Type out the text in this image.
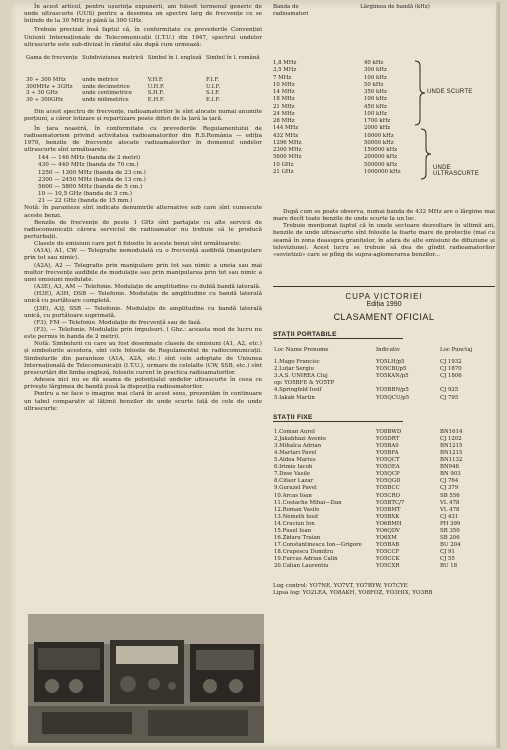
În acest articol, pentru ușurința expunerii, am folosit termenul generic de unde ultrascurte (UUS) pentru a desemna un spectru larg de frecvențe ce se întinde de la 30 MHz și până la 300 GHz.

Trebuie precizat însă faptul că, în conformitate cu prevederile Convenției Uniunii Internaționale de Telecomunicații (I.T.U.) din 1947, spectrul undelor ultrascurte este sub-divizat în rândul său după cum urmează:

Gama de frecvențe	Subdiviziunea metrică	Simbol în l. engleză	Simbol în l. română
30 ÷ 300 MHz	unde metrice	V.H.F.	F.I.F.
300MHz ÷ 3GHz	unde decimetrice	U.H.F.	U.I.F.
3 ÷ 30 GHz	unde centimetrice	S.H.F.	S.I.F.
30 ÷ 300GHz	unde milimetrice	E.H.F.	E.I.F.

Din acest spectru de frecvențe, radioamatorilor le sînt alocate numai anumite porțiuni, a căror lotizare și repartizare poate diferi de la țară la țară.

În țara noastră, în conformitate cu prevederile Regulamentului de radioamatorism privind activitatea radioamatorilor din R.S.România — ediția 1970, benzile de frecvențe alocate radioamatorilor în domeniul undelor ultrascurte sînt următoarele:

144 — 146 MHz (banda de 2 metri)
430 — 440 MHz (banda de 70 cm.)
1250 — 1300 MHz (banda de 23 cm.)
2300 — 2450 MHz (banda de 13 cm.)
5600 — 5800 MHz (banda de 5 cm.)
10 — 10,5 GHz (banda de 3 cm.)
21 — 22 GHz (banda de 15 mm.)

Notă: în paranteze sînt indicate denumirile alternative sub care sînt cunoscute aceste benzi.

Benzile de frecvențe de peste 1 GHz sînt partajate cu alte servicii de radiocomunicații cărora serviciul de radioamator nu trebuie să le producă perturbații.

Clasele de emisiuni care pot fi folosite în aceste benzi sînt următoarele:

(A1A), A1, CW — Telegrafie nemodulată cu o frecvență audibilă (manipulare prin tot sau nimic).

(A2A), A2 — Telegrafie prin manipulare prin tot sau nimic a uneia sau mai multor frecvențe audibile de modulație sau prin manipularea prin tot sau nimic a unei emisiuni modulate.

(A3E), A3, AM — Telefonie. Modulație de amplitudine cu dublă bandă laterală.

(H3E), A3H, DSB — Telefonie. Modulație de amplitudine cu bandă laterală unică cu purtătoare completă.

(J3E), A3J, SSB — Telefonie. Modulație de amplitudine cu bandă laterală unică, cu purtătoare suprimată.

(F3), FM — Telefonie. Modulație de frecvență sau de fază.

(F3), — Telefonie. Modulație prin impulsuri. ( Ghz.: aceasta mod de lucru nu este permis în banda de 2 metri).

Notă: Simbolurii cu care au fost desemnate clasele de emisiuni (A1, A2, etc.) și simbolurile acestora, sînt cele folosite de Regulamentul de radiocomunicații. Simbolurile din paranteze (A1A, A2A, etc.) sînt cele adoptate de Uniunea Internațională de Telecomunicații (I.T.U.), urmare de celelalte (CW, SSB, etc.) sînt prescurtări din limba engleză, folosite curent în practica radioamatorilor.

Adesea nici nu se dă seama de potențialul undelor ultrascurte în ceea ce privește lărgimea de bandă pusă la dispoziția radioamatorilor.

Pentru a ne face o imagine mai clară în acest sens, prezentăm în continuare un tabel comparativ al lățimii benzilor de unde scurte față de cele de unde ultrascurte:

Banda de radioamatori
Lărgimea de bandă (kHz)
1,8 MHz	40 kHz
3,5 MHz	300 kHz
7 MHz	100 kHz
10 MHz	50 kHz
14 MHz	350 kHz
18 MHz	100 kHz
21 MHz	450 kHz
24 MHz	100 kHz
28 MHz	1700 kHz
144 MHz	2000 kHz
432 MHz	10000 kHz
1296 MHz	50000 kHz
2300 MHz	150000 kHz
5600 MHz	200000 kHz
10 GHz	500000 kHz
21 GHz	1000000 kHz
UNDE SCURTE
UNDE ULTRASCURTE

După cum se poate observa, numai banda de 432 MHz are o lărgime mai mare decît toate benzile de unde scurte la un loc.

Trebuie menționat faptul că în unele sectoare dezvoltare în ultimii ani, benzile de unde ultrascurte sînt folosite la foarte mare de protecție (mai cu seamă în zona deasupra granițelor, în afara de alte emisiuni de difuziune și televiziune). Acest lucru se trebuie să dea de gîndit radioamatorilor «sovietizii» care se plîng de supra-aglomerarea benzilor...

CUPA VICTORIEI
Ediția 1990
CLASAMENT OFICIAL
STAȚII PORTABILE
Loc Nume Prenume	Indicativ	Loc Punctaj

1.Mago Francisc	YO5LH/p5	CJ 1932
2.Luțar Sergiu	YO5CBI/p5	CJ 1870
3.A.S. UNIREA Cluj	YO5KAN/p5	CJ 1806
op: YO5BFE & YO5TP		
4.Springfeld Iosif	YO5BBN/p5	CJ 925
5.Iakab Martin	YO5QCU/p5	CJ 795
STAȚII FIXE
1.Coman Aurel	YO8BWD	BN1614
2.Jakabhazi Avente	YO5DRT	CJ 1202
3.Mihalca Adrian	YO5BA0	BN1215
4.Martari Pavel	YO5BFA	BN1215
5.Aldea Marius	YO5QCT	BN1132
6.Irimie Iacob	YO5OEA	BN948
7.Dzse Vasile	YO5QCP	BN 903
8.Cifaor Lazar	YO5QGD	CJ 764
9.Gurazel Pavel	YO5BCC	CJ 379
10.Arcas Ioan	YO5CRO	SB 556
11.Costache Mihai—Dan	YO5BTC/7	VL 478
12.Roman Vasile	YO5BMT	VL 478
13.Nemeth Iosif	YO5BXK	CJ 431
14.Craciun Ion	YO6BMH	PH 399
15.Pusel Ioan	YO6QDV	SB 350
16.Zidaru Traian	YO6XM	SB 206
17.Constantinescu Ion—Grigore	YO5BAB	BU 204
18.Crupescu Dumitru	YO5CCF	CJ 91
19.Furcus Adrian Calin	YO5CCK	CJ 55
20.Calian Laurentiu	YO5CXR	BU 18
Log control: YO7NE, YO7VT, YO7BYW, YO7CYE
Lipsa log: YO2LEA, YO8AKH, YO8FOZ, YO3HIX, YO3RB
